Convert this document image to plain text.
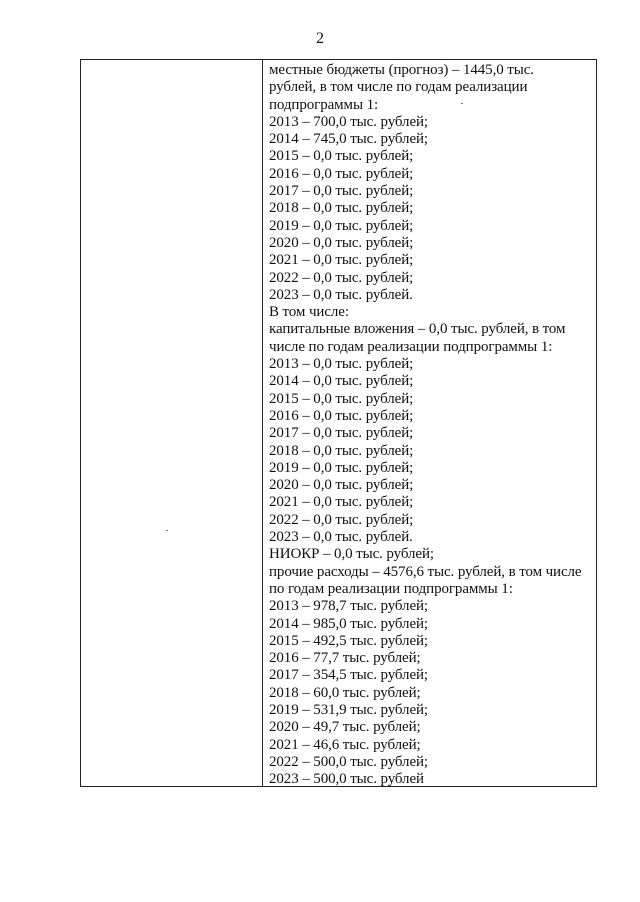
2
местные бюджеты (прогноз) – 1445,0 тыс.
рублей, в том числе по годам реализации
подпрограммы 1:
2013 – 700,0 тыс. рублей;
2014 – 745,0 тыс. рублей;
2015 – 0,0 тыс. рублей;
2016 – 0,0 тыс. рублей;
2017 – 0,0 тыс. рублей;
2018 – 0,0 тыс. рублей;
2019 – 0,0 тыс. рублей;
2020 – 0,0 тыс. рублей;
2021 – 0,0 тыс. рублей;
2022 – 0,0 тыс. рублей;
2023 – 0,0 тыс. рублей.
В том числе:
капитальные вложения – 0,0 тыс. рублей, в том
числе по годам реализации подпрограммы 1:
2013 – 0,0 тыс. рублей;
2014 – 0,0 тыс. рублей;
2015 – 0,0 тыс. рублей;
2016 – 0,0 тыс. рублей;
2017 – 0,0 тыс. рублей;
2018 – 0,0 тыс. рублей;
2019 – 0,0 тыс. рублей;
2020 – 0,0 тыс. рублей;
2021 – 0,0 тыс. рублей;
2022 – 0,0 тыс. рублей;
2023 – 0,0 тыс. рублей.
НИОКР – 0,0 тыс. рублей;
прочие расходы – 4576,6 тыс. рублей, в том числе
по годам реализации подпрограммы 1:
2013 – 978,7 тыс. рублей;
2014 – 985,0 тыс. рублей;
2015 – 492,5 тыс. рублей;
2016 – 77,7 тыс. рублей;
2017 – 354,5 тыс. рублей;
2018 – 60,0 тыс. рублей;
2019 – 531,9 тыс. рублей;
2020 – 49,7 тыс. рублей;
2021 – 46,6 тыс. рублей;
2022 – 500,0 тыс. рублей;
2023 – 500,0 тыс. рублей
